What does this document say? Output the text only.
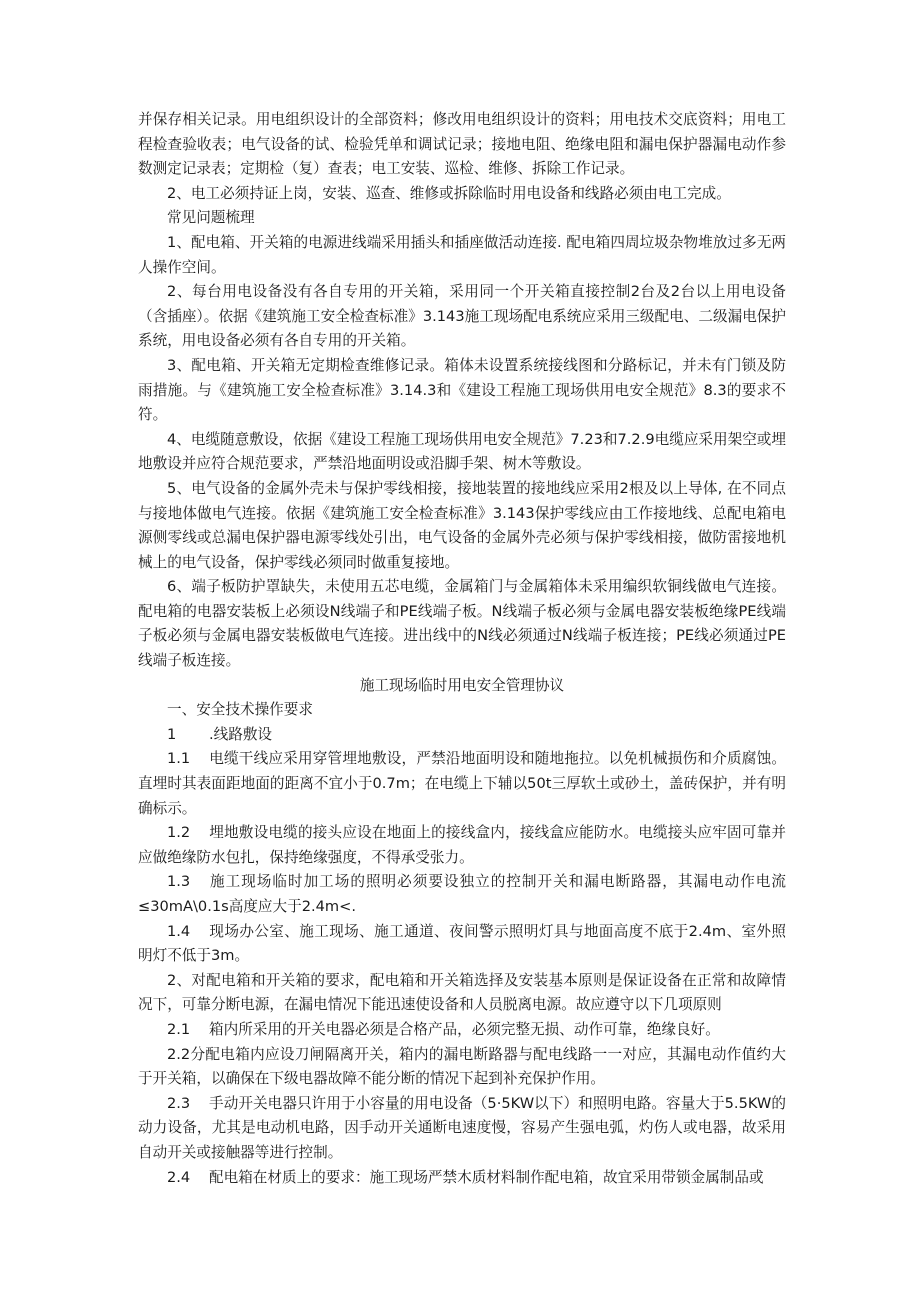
并保存相关记录。用电组织设计的全部资料；修改用电组织设计的资料；用电技术交底资料；用电工程检查验收表；电气设备的试、检验凭单和调试记录；接地电阻、绝缘电阻和漏电保护器漏电动作参数测定记录表；定期检（复）查表；电工安装、巡检、维修、拆除工作记录。

2、电工必须持证上岗，安装、巡查、维修或拆除临时用电设备和线路必须由电工完成。

常见问题梳理

1、配电箱、开关箱的电源进线端采用插头和插座做活动连接. 配电箱四周垃圾杂物堆放过多无两人操作空间。

2、每台用电设备没有各自专用的开关箱，采用同一个开关箱直接控制2台及2台以上用电设备（含插座）。依据《建筑施工安全检查标准》3.143施工现场配电系统应采用三级配电、二级漏电保护系统，用电设备必须有各自专用的开关箱。

3、配电箱、开关箱无定期检查维修记录。箱体未设置系统接线图和分路标记，并未有门锁及防雨措施。与《建筑施工安全检查标准》3.14.3和《建设工程施工现场供用电安全规范》8.3的要求不符。

4、电缆随意敷设，依据《建设工程施工现场供用电安全规范》7.23和7.2.9电缆应采用架空或埋地敷设并应符合规范要求，严禁沿地面明设或沿脚手架、树木等敷设。

5、电气设备的金属外壳未与保护零线相接，接地装置的接地线应采用2根及以上导体, 在不同点与接地体做电气连接。依据《建筑施工安全检查标准》3.143保护零线应由工作接地线、总配电箱电源侧零线或总漏电保护器电源零线处引出，电气设备的金属外壳必须与保护零线相接，做防雷接地机械上的电气设备，保护零线必须同时做重复接地。

6、端子板防护罩缺失，未使用五芯电缆，金属箱门与金属箱体未采用编织软铜线做电气连接。配电箱的电器安装板上必须设N线端子和PE线端子板。N线端子板必须与金属电器安装板绝缘PE线端子板必须与金属电器安装板做电气连接。进出线中的N线必须通过N线端子板连接；PE线必须通过PE线端子板连接。

施工现场临时用电安全管理协议

一、安全技术操作要求

1 .线路敷设

1.1 电缆干线应采用穿管埋地敷设，严禁沿地面明设和随地拖拉。以免机械损伤和介质腐蚀。直埋时其表面距地面的距离不宜小于0.7m；在电缆上下辅以50t三厚软土或砂土，盖砖保护，并有明确标示。

1.2 埋地敷设电缆的接头应设在地面上的接线盒内，接线盒应能防水。电缆接头应牢固可靠并应做绝缘防水包扎，保持绝缘强度，不得承受张力。

1.3 施工现场临时加工场的照明必须要设独立的控制开关和漏电断路器，其漏电动作电流≤30mA\0.1s高度应大于2.4m<.

1.4 现场办公室、施工现场、施工通道、夜间警示照明灯具与地面高度不底于2.4m、室外照明灯不低于3m。

2、对配电箱和开关箱的要求，配电箱和开关箱选择及安装基本原则是保证设备在正常和故障情况下，可靠分断电源，在漏电情况下能迅速使设备和人员脱离电源。故应遵守以下几项原则

2.1 箱内所采用的开关电器必须是合格产品，必须完整无损、动作可靠，绝缘良好。

2.2分配电箱内应设刀闸隔离开关，箱内的漏电断路器与配电线路一一对应，其漏电动作值约大于开关箱，以确保在下级电器故障不能分断的情况下起到补充保护作用。

2.3 手动开关电器只许用于小容量的用电设备（5·5KW以下）和照明电路。容量大于5.5KW的动力设备，尤其是电动机电路，因手动开关通断电速度慢，容易产生强电弧，灼伤人或电器，故采用自动开关或接触器等进行控制。

2.4 配电箱在材质上的要求：施工现场严禁木质材料制作配电箱，故宜采用带锁金属制品或
